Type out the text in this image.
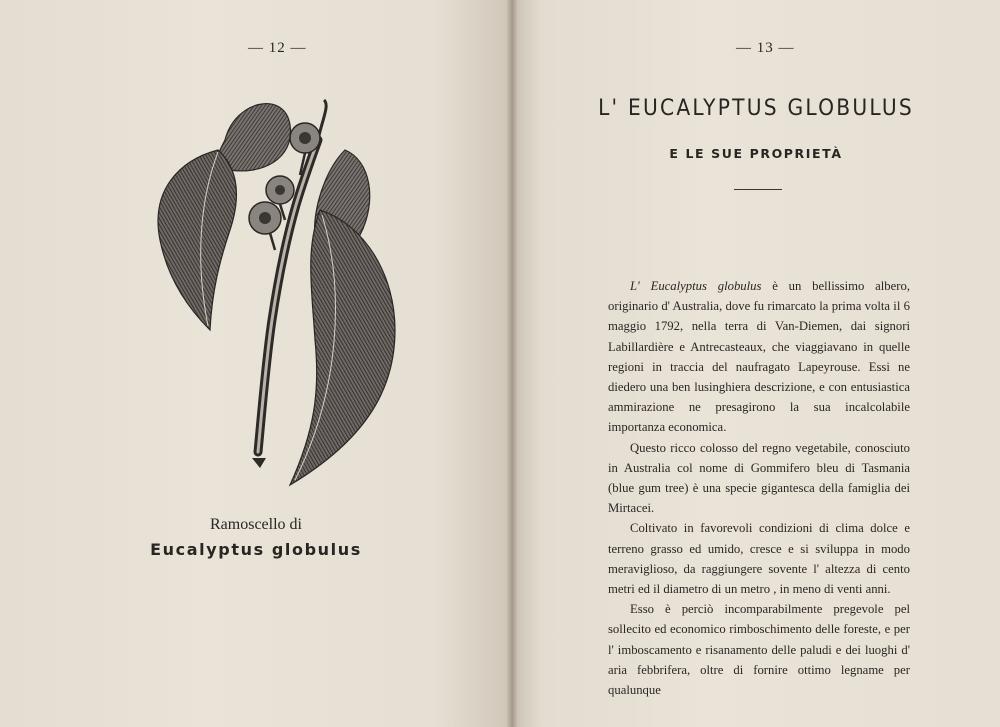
— 12 —
Ramoscello di
Eucalyptus globulus
— 13 —
L' EUCALYPTUS GLOBULUS
E LE SUE PROPRIETÀ

L' Eucalyptus globulus è un bellissimo albero, originario d' Australia, dove fu rimarcato la prima volta il 6 maggio 1792, nella terra di Van-Diemen, dai signori Labillardière e Antrecasteaux, che viaggiavano in quelle regioni in traccia del naufragato Lapeyrouse. Essi ne diedero una ben lusinghiera descrizione, e con entusiastica ammirazione ne presagirono la sua incalcolabile importanza economica.

Questo ricco colosso del regno vegetabile, conosciuto in Australia col nome di Gommifero bleu di Tasmania (blue gum tree) è una specie gigantesca della famiglia dei Mirtacei.

Coltivato in favorevoli condizioni di clima dolce e terreno grasso ed umido, cresce e si sviluppa in modo meraviglioso, da raggiungere sovente l' altezza di cento metri ed il diametro di un metro , in meno di venti anni.

Esso è perciò incomparabilmente pregevole pel sollecito ed economico rimboschimento delle foreste, e per l' imboscamento e risanamento delle paludi e dei luoghi d' aria febbrifera, oltre di fornire ottimo legname per qualunque
